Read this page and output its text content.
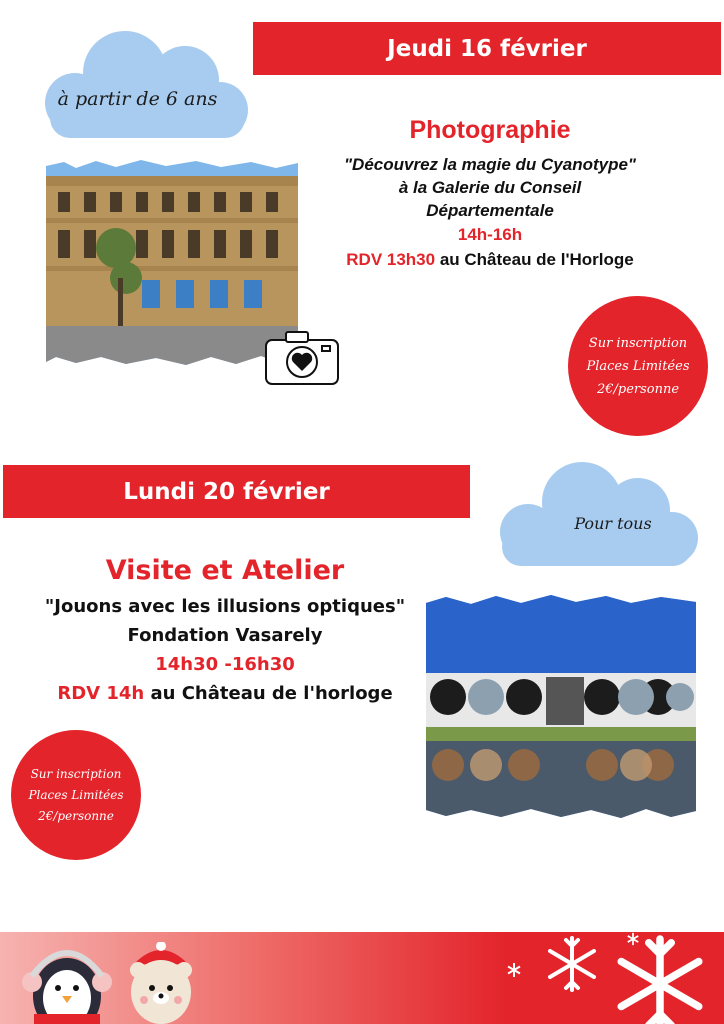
Jeudi 16 février
à partir de 6 ans
Photographie
"Découvrez la magie du Cyanotype"
à la Galerie du Conseil
Départementale
14h-16h
RDV 13h30 au Château de l'Horloge
Sur inscription
Places Limitées
2€/personne
Lundi 20 février
Pour tous
Visite et Atelier
"Jouons avec les illusions optiques"
Fondation Vasarely
14h30 -16h30
RDV 14h au Château de l'horloge
Sur inscription
Places Limitées
2€/personne
